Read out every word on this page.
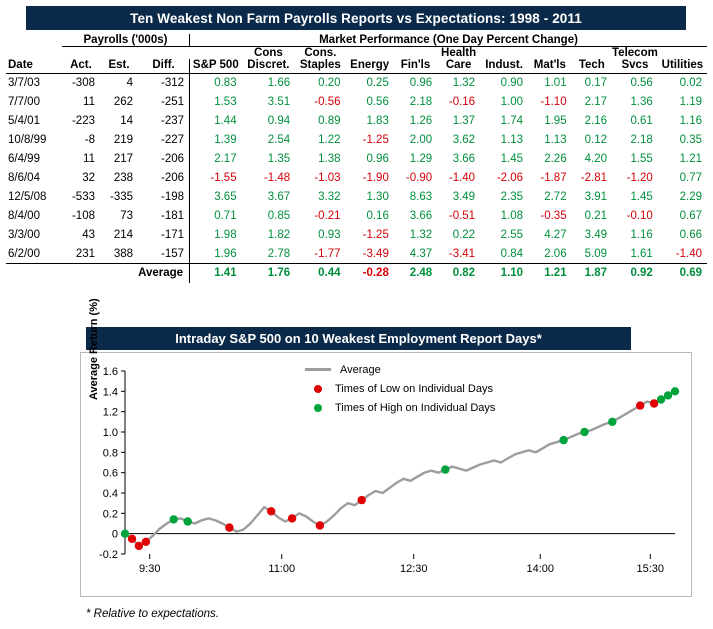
Ten Weakest Non Farm Payrolls Reports vs Expectations: 1998 - 2011
	Payrolls ('000s)			Market Performance (One Day Percent Change)										
					Cons	Cons.			Health				Telecom	
Date	Act.	Est.	Diff.	S&P 500	Discret.	Staples	Energy	Fin'ls	Care	Indust.	Mat'ls	Tech	Svcs	Utilities
3/7/03	-308	4	-312	0.83	1.66	0.20	0.25	0.96	1.32	0.90	1.01	0.17	0.56	0.02
7/7/00	11	262	-251	1.53	3.51	-0.56	0.56	2.18	-0.16	1.00	-1.10	2.17	1.36	1.19
5/4/01	-223	14	-237	1.44	0.94	0.89	1.83	1.26	1.37	1.74	1.95	2.16	0.61	1.16
10/8/99	-8	219	-227	1.39	2.54	1.22	-1.25	2.00	3.62	1.13	1.13	0.12	2.18	0.35
6/4/99	11	217	-206	2.17	1.35	1.38	0.96	1.29	3.66	1.45	2.26	4.20	1.55	1.21
8/6/04	32	238	-206	-1.55	-1.48	-1.03	-1.90	-0.90	-1.40	-2.06	-1.87	-2.81	-1.20	0.77
12/5/08	-533	-335	-198	3.65	3.67	3.32	1.30	8.63	3.49	2.35	2.72	3.91	1.45	2.29
8/4/00	-108	73	-181	0.71	0.85	-0.21	0.16	3.66	-0.51	1.08	-0.35	0.21	-0.10	0.67
3/3/00	43	214	-171	1.98	1.82	0.93	-1.25	1.32	0.22	2.55	4.27	3.49	1.16	0.66
6/2/00	231	388	-157	1.96	2.78	-1.77	-3.49	4.37	-3.41	0.84	2.06	5.09	1.61	-1.40
			Average	1.41	1.76	0.44	-0.28	2.48	0.82	1.10	1.21	1.87	0.92	0.69
Intraday S&P 500 on 10 Weakest Employment Report Days*
-0.2
0
0.2
0.4
0.6
0.8
1.0
1.2
1.4
1.6
9:30	11:00	12:30	14:00	15:30
Average Return (%)	Average
Times of Low on Individual Days
Times of High on Individual Days
* Relative to expectations.
